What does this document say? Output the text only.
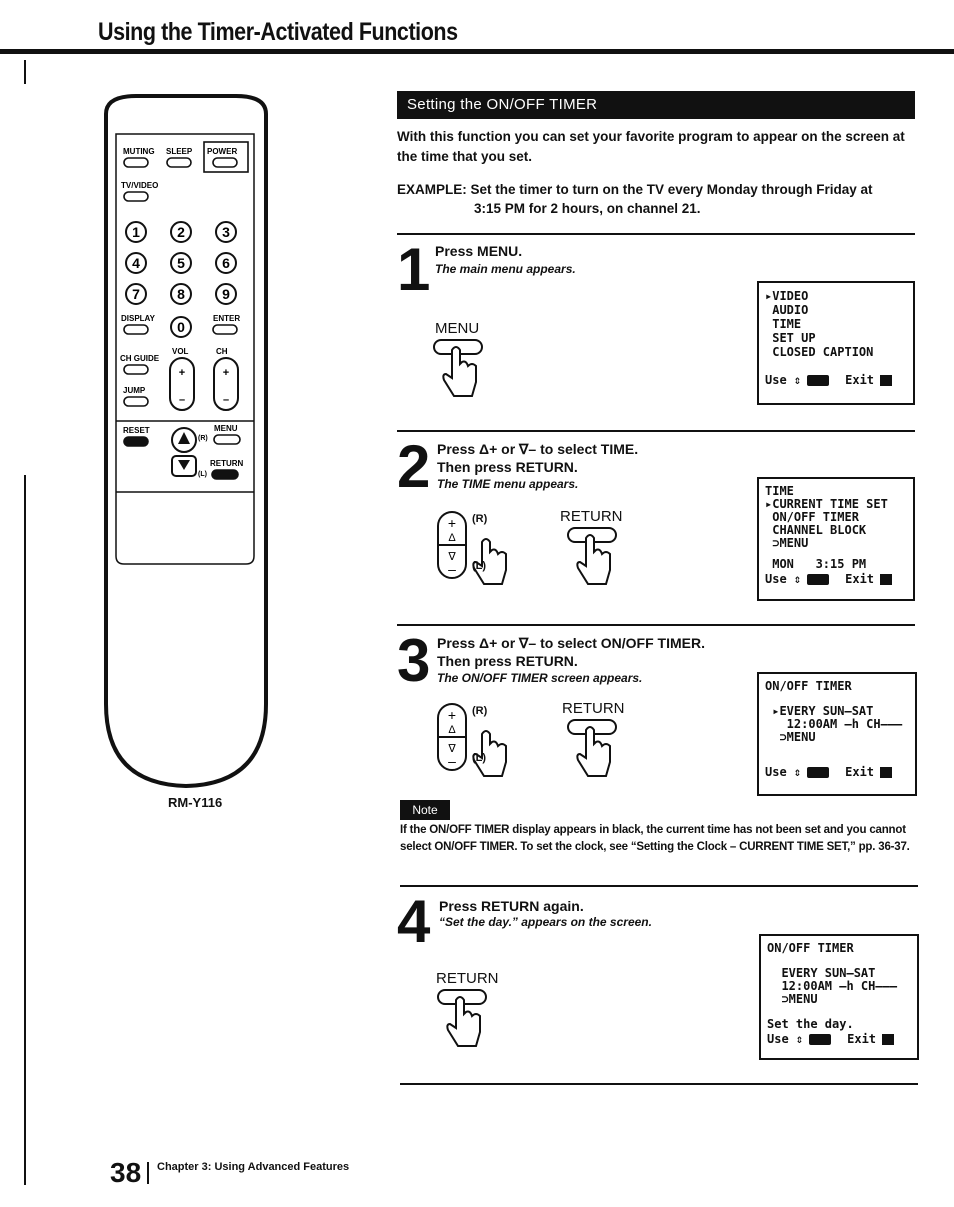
Using the Timer-Activated Functions
MUTING SLEEP POWER
TV/VIDEO
1	2	3
4	5	6
7	8	9
0
DISPLAY	ENTER
CH GUIDE
JUMP
VOL
+
–
CH
+
–
RESET
(R)
(L)
MENU
RETURN
RM-Y116
Setting the ON/OFF TIMER
With this function you can set your favorite program to appear on the screen at the time that you set.
EXAMPLE: Set the timer to turn on the TV every Monday through Friday at
3:15 PM for 2 hours, on channel 21.
1 Press MENU.
The main menu appears.
MENU
▸VIDEO
AUDIO
TIME
SET UP
CLOSED CAPTION
Use ⇕	Exit
2 Press Δ+ or ∇– to select TIME.
Then press RETURN.
The TIME menu appears.
+
Δ
∇
–
(R)
(L)
RETURN
TIME
▸CURRENT TIME SET
ON/OFF TIMER
CHANNEL BLOCK
⊃MENU
MON   3:15 PM
Use ⇕	Exit
3 Press Δ+ or ∇– to select ON/OFF TIMER.
Then press RETURN.
The ON/OFF TIMER screen appears.
+
Δ
∇
–
(R)
(L)
RETURN
ON/OFF TIMER
▸EVERY SUN–SAT
12:00AM –h CH–––
⊃MENU
Use ⇕	Exit
Note
If the ON/OFF TIMER display appears in black, the current time has not been set and you cannot select ON/OFF TIMER. To set the clock, see “Setting the Clock – CURRENT TIME SET,” pp. 36-37.
4 Press RETURN again.
“Set the day.” appears on the screen.
RETURN
ON/OFF TIMER
EVERY SUN–SAT
12:00AM –h CH–––
⊃MENU
Set the day.
Use ⇕	Exit
38 Chapter 3: Using Advanced Features
